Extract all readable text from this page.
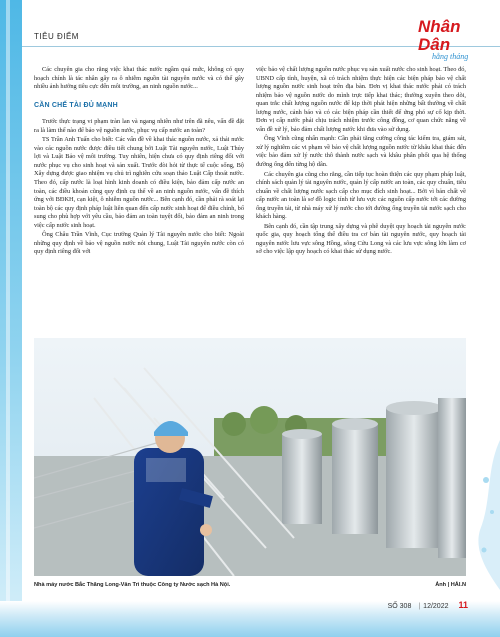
TIÊU ĐIỂM
Nhân Dân
hằng tháng

Các chuyên gia cho rằng việc khai thác nước ngầm quá mức, không có quy hoạch chính là tác nhân gây ra ô nhiễm nguồn tài nguyên nước và có thể gây nhiều ảnh hưởng tiêu cực đến môi trường, an ninh nguồn nước...

CẦN CHẾ TÀI ĐỦ MẠNH

Trước thực trạng vi phạm tràn lan và ngang nhiên như trên đã nêu, vấn đề đặt ra là làm thế nào để bảo vệ nguồn nước, phục vụ cấp nước an toàn?

TS Trần Anh Tuấn cho biết: Các vấn đề về khai thác nguồn nước, xả thải nước vào các nguồn nước được điều tiết chung bởi Luật Tài nguyên nước, Luật Thủy lợi và Luật Bảo vệ môi trường. Tuy nhiên, hiện chưa có quy định riêng đối với nước phục vụ cho sinh hoạt và sản xuất. Trước đòi hỏi từ thực tế cuộc sống, Bộ Xây dựng được giao nhiệm vụ chủ trì nghiên cứu soạn thảo Luật Cấp thoát nước. Theo đó, cấp nước là loại hình kinh doanh có điều kiện, bảo đảm cấp nước an toàn, các điều khoản cũng quy định cụ thể về an ninh nguồn nước, vấn đề thích ứng với BĐKH, cạn kiệt, ô nhiễm nguồn nước... Bên cạnh đó, cần phải rà soát lại toàn bộ các quy định pháp luật liên quan đến cấp nước sinh hoạt để điều chỉnh, bổ sung cho phù hợp với yêu cầu, bảo đảm an toàn tuyệt đối, bảo đảm an ninh trong việc cấp nước sinh hoạt.

Ông Châu Trần Vĩnh, Cục trưởng Quản lý Tài nguyên nước cho biết: Ngoài những quy định về bảo vệ nguồn nước nói chung, Luật Tài nguyên nước còn có quy định riêng đối với

việc bảo vệ chất lượng nguồn nước phục vụ sản xuất nước cho sinh hoạt. Theo đó, UBND cấp tỉnh, huyện, xã có trách nhiệm thực hiện các biện pháp bảo vệ chất lượng nguồn nước sinh hoạt trên địa bàn. Đơn vị khai thác nước phải có trách nhiệm bảo vệ nguồn nước do mình trực tiếp khai thác; thường xuyên theo dõi, quan trắc chất lượng nguồn nước để kịp thời phát hiện những bất thường về chất lượng nước, cảnh báo và có các biện pháp cần thiết để ứng phó sự cố kịp thời. Đơn vị cấp nước phải chịu trách nhiệm trước công đồng, cơ quan chức năng về vấn đề xử lý, bảo đảm chất lượng nước khi đưa vào sử dụng.

Ông Vĩnh cũng nhấn mạnh: Cần phải tăng cường công tác kiểm tra, giám sát, xử lý nghiêm các vi phạm về bảo vệ chất lượng nguồn nước từ khâu khai thác đến việc bảo đảm xử lý nước thô thành nước sạch và khâu phân phối qua hệ thống đường ống đến từng hộ dân.

Các chuyên gia cũng cho rằng, cần tiếp tục hoàn thiện các quy phạm pháp luật, chính sách quản lý tài nguyên nước, quản lý cấp nước an toàn, các quy chuẩn, tiêu chuẩn về chất lượng nước sạch cấp cho mục đích sinh hoạt... Bởi vì bản chất về cấp nước an toàn là sơ đồ logic tính từ lưu vực các nguồn cấp nước tới các đường ống truyền tải, từ nhà máy xử lý nước cho tới đường ống truyền tải nước sạch cho khách hàng.

Bên cạnh đó, cần tập trung xây dựng và phê duyệt quy hoạch tài nguyên nước quốc gia, quy hoạch tổng thể điều tra cơ bản tài nguyên nước, quy hoạch tài nguyên nước lưu vực sông Hồng, sông Cửu Long và các lưu vực sông lớn làm cơ sở cho việc lập quy hoạch có khai thác sử dụng nước.

Nhà máy nước Bắc Thăng Long-Vân Trì thuộc Công ty Nước sạch Hà Nội.	Ảnh | HẢI.N
SỐ 308 | 12/2022 11
